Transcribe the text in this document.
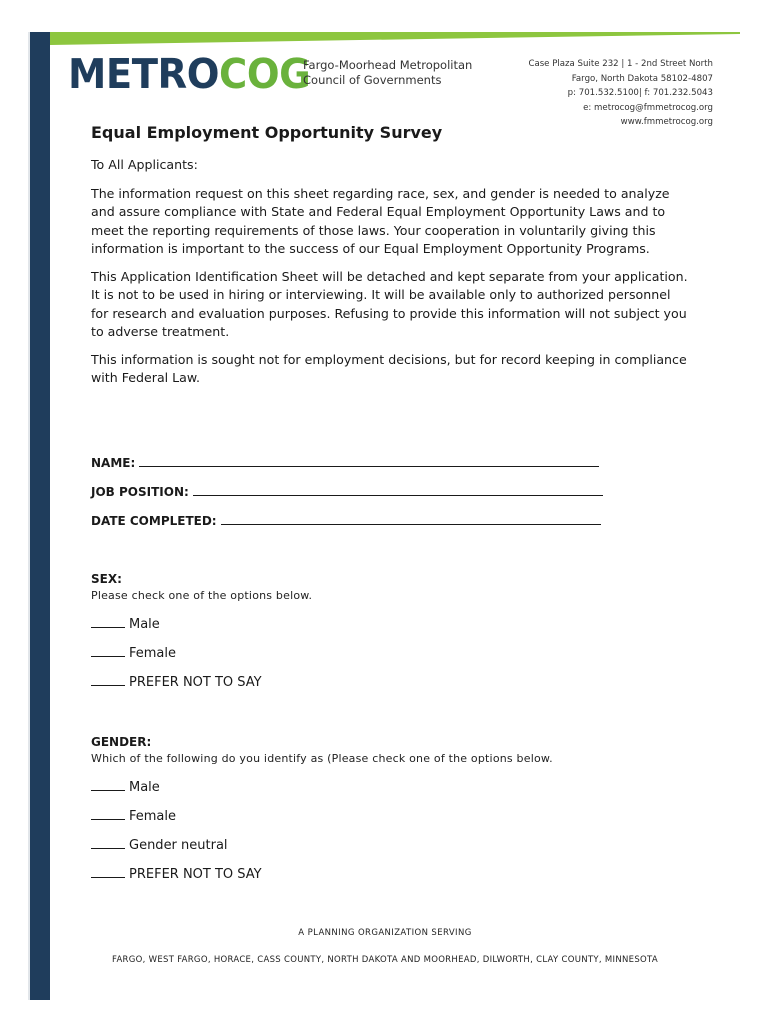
METROCOG
Fargo-Moorhead Metropolitan
Council of Governments
Case Plaza Suite 232 | 1 - 2nd Street North
Fargo, North Dakota 58102-4807
p: 701.532.5100| f: 701.232.5043
e: metrocog@fmmetrocog.org
www.fmmetrocog.org
Equal Employment Opportunity Survey
To All Applicants:
The information request on this sheet regarding race, sex, and gender is needed to analyze and assure compliance with State and Federal Equal Employment Opportunity Laws and to meet the reporting requirements of those laws. Your cooperation in voluntarily giving this information is important to the success of our Equal Employment Opportunity Programs.
This Application Identification Sheet will be detached and kept separate from your application. It is not to be used in hiring or interviewing. It will be available only to authorized personnel for research and evaluation purposes. Refusing to provide this information will not subject you to adverse treatment.
This information is sought not for employment decisions, but for record keeping in compliance with Federal Law.
NAME:
JOB POSITION:
DATE COMPLETED:
SEX:
Please check one of the options below.
Male
Female
PREFER NOT TO SAY
GENDER:
Which of the following do you identify as (Please check one of the options below.
Male
Female
Gender neutral
PREFER NOT TO SAY
A PLANNING ORGANIZATION SERVING
FARGO, WEST FARGO, HORACE, CASS COUNTY, NORTH DAKOTA AND MOORHEAD, DILWORTH, CLAY COUNTY, MINNESOTA
